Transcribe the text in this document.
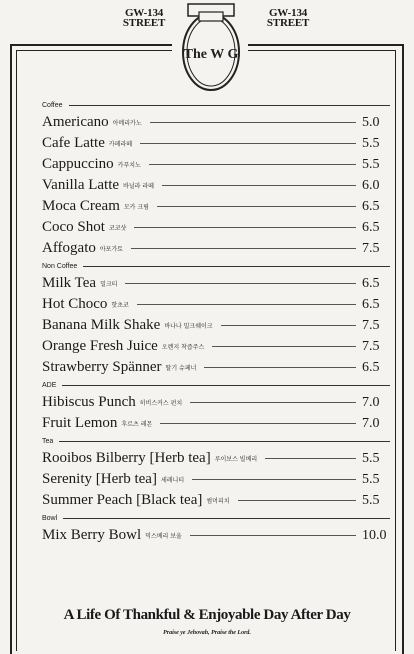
GW-134 STREET
GW-134 STREET
The W G
Coffee
Americano 아메리카노	5.0
Cafe Latte 카페라떼	5.5
Cappuccino 카푸치노	5.5
Vanilla Latte 바닐라 라떼	6.0
Moca Cream 모카 크림	6.5
Coco Shot 코코샷	6.5
Affogato 아포가토	7.5
Non Coffee
Milk Tea 밀크티	6.5
Hot Choco 핫초코	6.5
Banana Milk Shake 바나나 밀크쉐이크	7.5
Orange Fresh Juice 오렌지 착즙주스	7.5
Strawberry Spänner 딸기 슈페너	6.5
ADE
Hibiscus Punch 히비스커스 펀치	7.0
Fruit Lemon 후르츠 레몬	7.0
Tea
Rooibos Bilberry [Herb tea] 루이보스 빌베리	5.5
Serenity [Herb tea] 세레니티	5.5
Summer Peach [Black tea] 썸머피치	5.5
Bowl
Mix Berry Bowl 믹스베리 보울	10.0
A Life Of Thankful & Enjoyable Day After Day
Praise ye Jehovah, Praise the Lord.
